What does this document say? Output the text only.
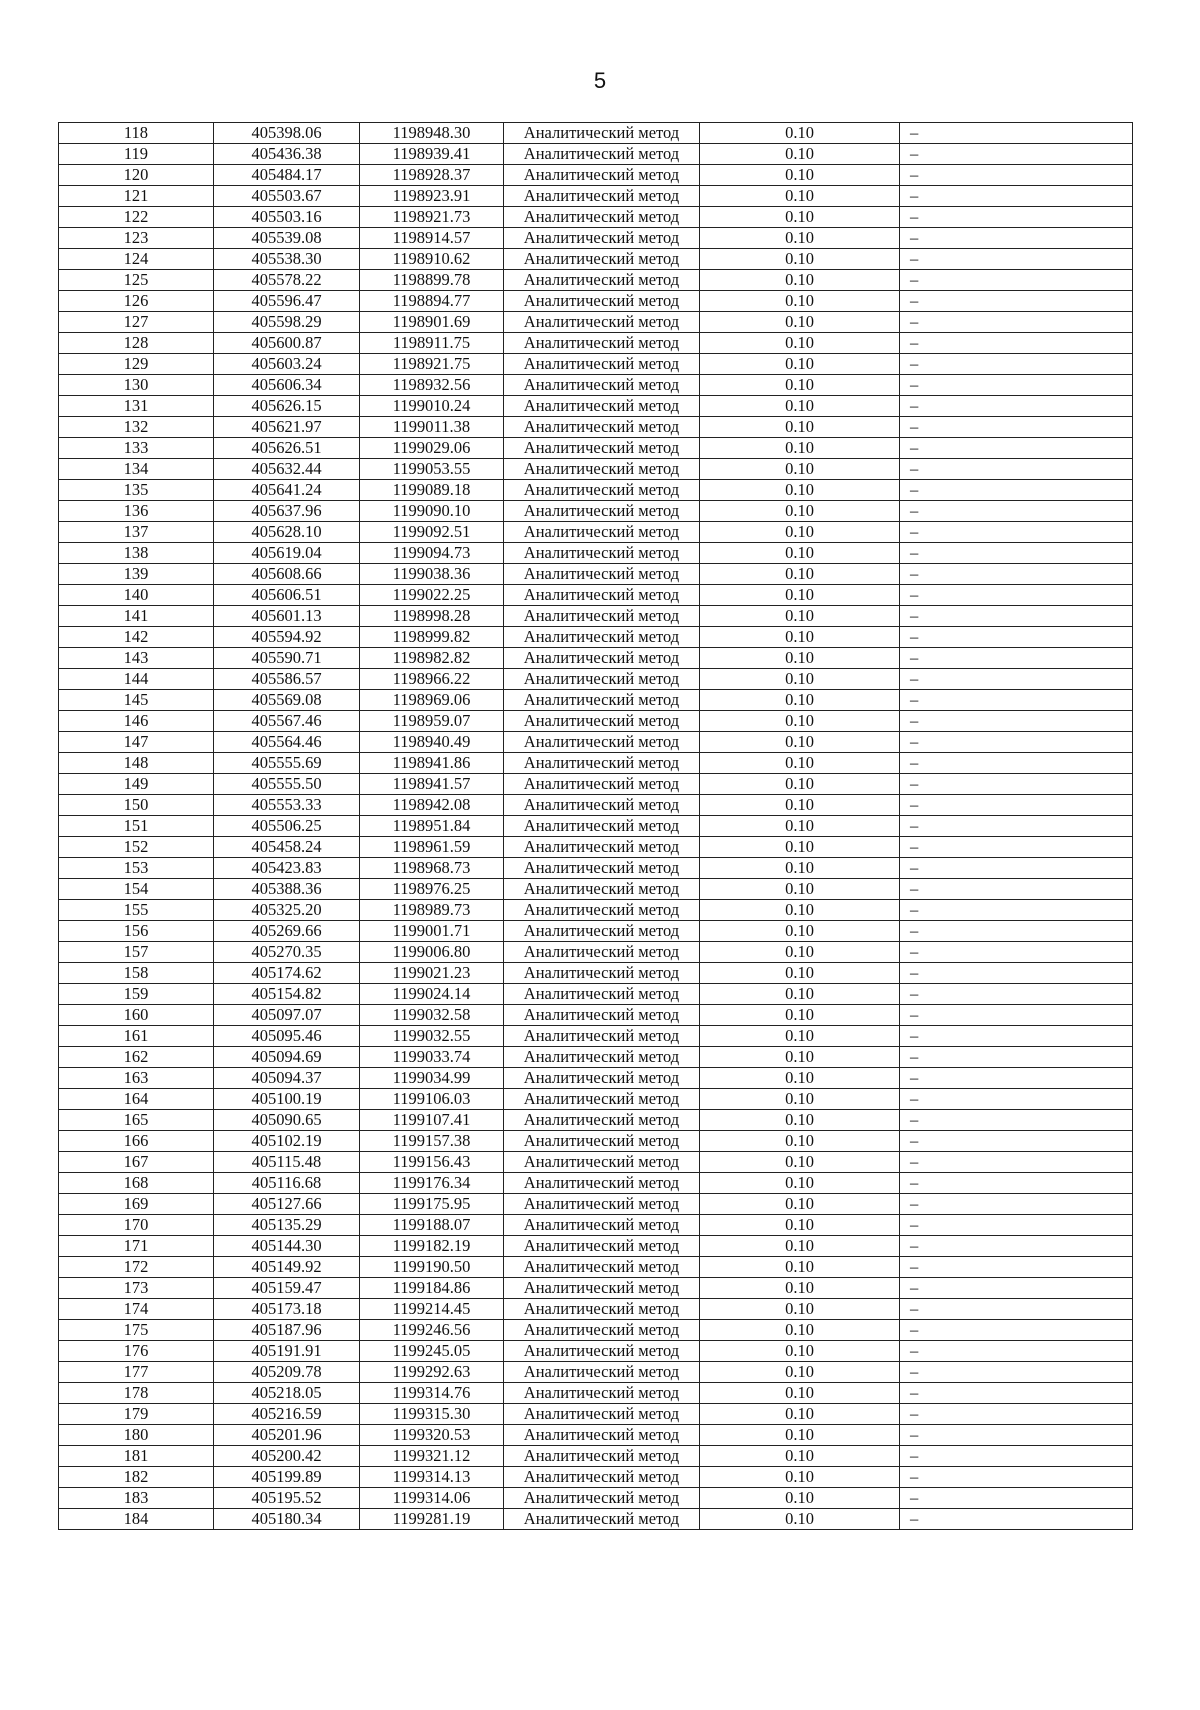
5
118	405398.06	1198948.30	Аналитический метод	0.10	–
119	405436.38	1198939.41	Аналитический метод	0.10	–
120	405484.17	1198928.37	Аналитический метод	0.10	–
121	405503.67	1198923.91	Аналитический метод	0.10	–
122	405503.16	1198921.73	Аналитический метод	0.10	–
123	405539.08	1198914.57	Аналитический метод	0.10	–
124	405538.30	1198910.62	Аналитический метод	0.10	–
125	405578.22	1198899.78	Аналитический метод	0.10	–
126	405596.47	1198894.77	Аналитический метод	0.10	–
127	405598.29	1198901.69	Аналитический метод	0.10	–
128	405600.87	1198911.75	Аналитический метод	0.10	–
129	405603.24	1198921.75	Аналитический метод	0.10	–
130	405606.34	1198932.56	Аналитический метод	0.10	–
131	405626.15	1199010.24	Аналитический метод	0.10	–
132	405621.97	1199011.38	Аналитический метод	0.10	–
133	405626.51	1199029.06	Аналитический метод	0.10	–
134	405632.44	1199053.55	Аналитический метод	0.10	–
135	405641.24	1199089.18	Аналитический метод	0.10	–
136	405637.96	1199090.10	Аналитический метод	0.10	–
137	405628.10	1199092.51	Аналитический метод	0.10	–
138	405619.04	1199094.73	Аналитический метод	0.10	–
139	405608.66	1199038.36	Аналитический метод	0.10	–
140	405606.51	1199022.25	Аналитический метод	0.10	–
141	405601.13	1198998.28	Аналитический метод	0.10	–
142	405594.92	1198999.82	Аналитический метод	0.10	–
143	405590.71	1198982.82	Аналитический метод	0.10	–
144	405586.57	1198966.22	Аналитический метод	0.10	–
145	405569.08	1198969.06	Аналитический метод	0.10	–
146	405567.46	1198959.07	Аналитический метод	0.10	–
147	405564.46	1198940.49	Аналитический метод	0.10	–
148	405555.69	1198941.86	Аналитический метод	0.10	–
149	405555.50	1198941.57	Аналитический метод	0.10	–
150	405553.33	1198942.08	Аналитический метод	0.10	–
151	405506.25	1198951.84	Аналитический метод	0.10	–
152	405458.24	1198961.59	Аналитический метод	0.10	–
153	405423.83	1198968.73	Аналитический метод	0.10	–
154	405388.36	1198976.25	Аналитический метод	0.10	–
155	405325.20	1198989.73	Аналитический метод	0.10	–
156	405269.66	1199001.71	Аналитический метод	0.10	–
157	405270.35	1199006.80	Аналитический метод	0.10	–
158	405174.62	1199021.23	Аналитический метод	0.10	–
159	405154.82	1199024.14	Аналитический метод	0.10	–
160	405097.07	1199032.58	Аналитический метод	0.10	–
161	405095.46	1199032.55	Аналитический метод	0.10	–
162	405094.69	1199033.74	Аналитический метод	0.10	–
163	405094.37	1199034.99	Аналитический метод	0.10	–
164	405100.19	1199106.03	Аналитический метод	0.10	–
165	405090.65	1199107.41	Аналитический метод	0.10	–
166	405102.19	1199157.38	Аналитический метод	0.10	–
167	405115.48	1199156.43	Аналитический метод	0.10	–
168	405116.68	1199176.34	Аналитический метод	0.10	–
169	405127.66	1199175.95	Аналитический метод	0.10	–
170	405135.29	1199188.07	Аналитический метод	0.10	–
171	405144.30	1199182.19	Аналитический метод	0.10	–
172	405149.92	1199190.50	Аналитический метод	0.10	–
173	405159.47	1199184.86	Аналитический метод	0.10	–
174	405173.18	1199214.45	Аналитический метод	0.10	–
175	405187.96	1199246.56	Аналитический метод	0.10	–
176	405191.91	1199245.05	Аналитический метод	0.10	–
177	405209.78	1199292.63	Аналитический метод	0.10	–
178	405218.05	1199314.76	Аналитический метод	0.10	–
179	405216.59	1199315.30	Аналитический метод	0.10	–
180	405201.96	1199320.53	Аналитический метод	0.10	–
181	405200.42	1199321.12	Аналитический метод	0.10	–
182	405199.89	1199314.13	Аналитический метод	0.10	–
183	405195.52	1199314.06	Аналитический метод	0.10	–
184	405180.34	1199281.19	Аналитический метод	0.10	–
